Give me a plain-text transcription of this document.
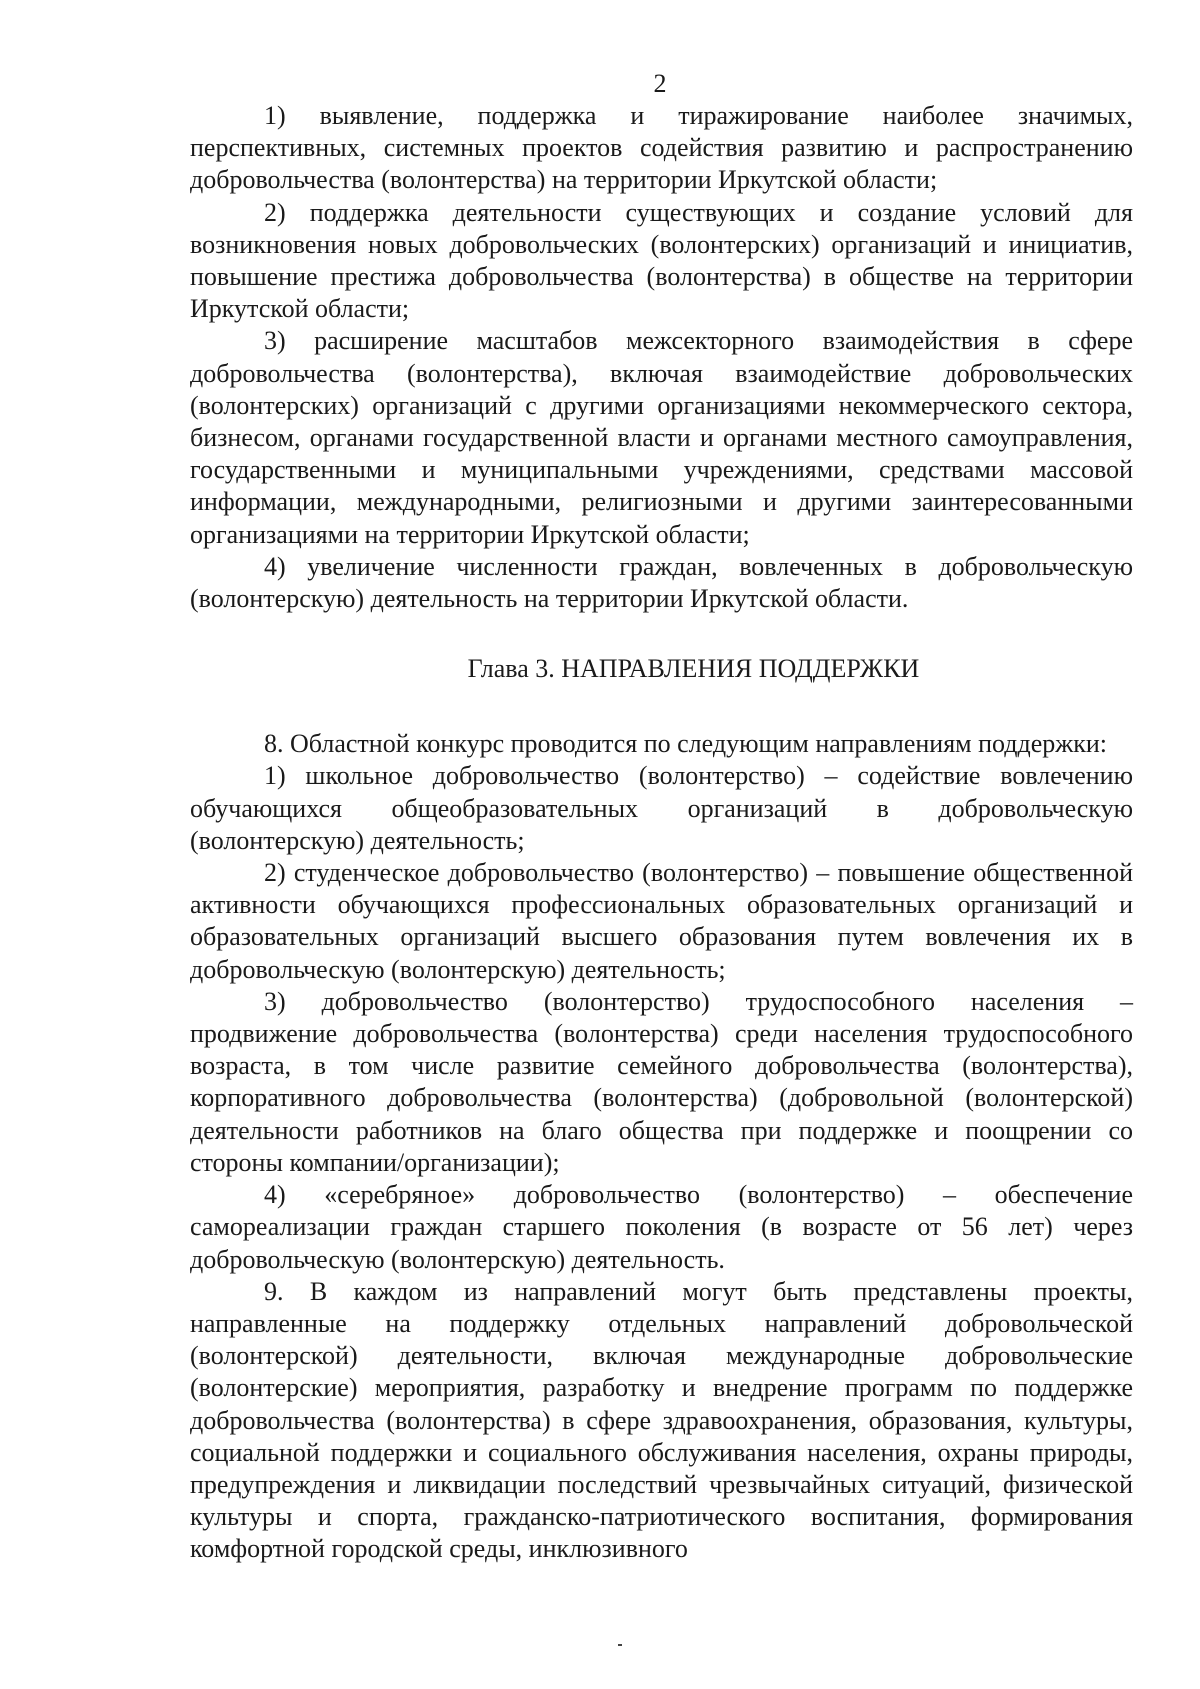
2

1) выявление, поддержка и тиражирование наиболее значимых, перспективных, системных проектов содействия развитию и распространению добровольчества (волонтерства) на территории Иркутской области;

2) поддержка деятельности существующих и создание условий для возникновения новых добровольческих (волонтерских) организаций и инициатив, повышение престижа добровольчества (волонтерства) в обществе на территории Иркутской области;

3) расширение масштабов межсекторного взаимодействия в сфере добровольчества (волонтерства), включая взаимодействие добровольческих (волонтерских) организаций с другими организациями некоммерческого сектора, бизнесом, органами государственной власти и органами местного самоуправления, государственными и муниципальными учреждениями, средствами массовой информации, международными, религиозными и другими заинтересованными организациями на территории Иркутской области;

4) увеличение численности граждан, вовлеченных в добровольческую (волонтерскую) деятельность на территории Иркутской области.

Глава 3. НАПРАВЛЕНИЯ ПОДДЕРЖКИ

8. Областной конкурс проводится по следующим направлениям поддержки:

1) школьное добровольчество (волонтерство) – содействие вовлечению обучающихся общеобразовательных организаций в добровольческую (волонтерскую) деятельность;

2) студенческое добровольчество (волонтерство) – повышение общественной активности обучающихся профессиональных образовательных организаций и образовательных организаций высшего образования путем вовлечения их в добровольческую (волонтерскую) деятельность;

3) добровольчество (волонтерство) трудоспособного населения – продвижение добровольчества (волонтерства) среди населения трудоспособного возраста, в том числе развитие семейного добровольчества (волонтерства), корпоративного добровольчества (волонтерства) (добровольной (волонтерской) деятельности работников на благо общества при поддержке и поощрении со стороны компании/организации);

4) «серебряное» добровольчество (волонтерство) – обеспечение самореализации граждан старшего поколения (в возрасте от 56 лет) через добровольческую (волонтерскую) деятельность.

9. В каждом из направлений могут быть представлены проекты, направленные на поддержку отдельных направлений добровольческой (волонтерской) деятельности, включая международные добровольческие (волонтерские) мероприятия, разработку и внедрение программ по поддержке добровольчества (волонтерства) в сфере здравоохранения, образования, культуры, социальной поддержки и социального обслуживания населения, охраны природы, предупреждения и ликвидации последствий чрезвычайных ситуаций, физической культуры и спорта, гражданско-патриотического воспитания, формирования комфортной городской среды, инклюзивного
